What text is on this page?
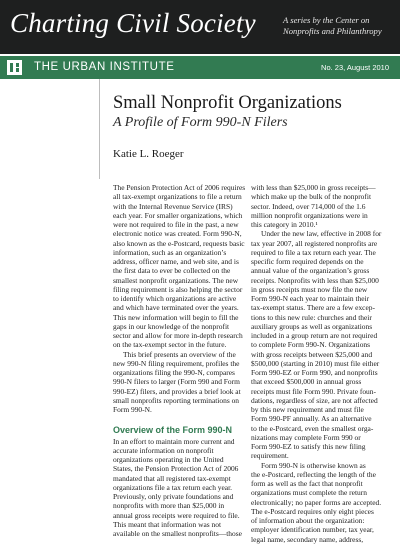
Charting Civil Society	A series by the Center on
Nonprofits and Philanthropy
THE URBAN INSTITUTE	No. 23, August 2010
Small Nonprofit Organizations
A Profile of Form 990-N Filers
Katie L. Roeger
The Pension Protection Act of 2006 requires
all tax-exempt organizations to file a return
with the Internal Revenue Service (IRS)
each year. For smaller organizations, which
were not required to file in the past, a new
electronic notice was created. Form 990-N,
also known as the e-Postcard, requests basic
information, such as an organization’s
address, officer name, and web site, and is
the first data to ever be collected on the
smallest nonprofit organizations. The new
filing requirement is also helping the sector
to identify which organizations are active
and which have terminated over the years.
This new information will begin to fill the
gaps in our knowledge of the nonprofit
sector and allow for more in-depth research
on the tax-exempt sector in the future.
This brief presents an overview of the
new 990-N filing requirement, profiles the
organizations filing the 990-N, compares
990-N filers to larger (Form 990 and Form
990-EZ) filers, and provides a brief look at
small nonprofits reporting terminations on
Form 990-N.
Overview of the Form 990-N
In an effort to maintain more current and
accurate information on nonprofit
organizations operating in the United
States, the Pension Protection Act of 2006
mandated that all registered tax-exempt
organizations file a tax return each year.
Previously, only private foundations and
nonprofits with more than $25,000 in
annual gross receipts were required to file.
This meant that information was not
available on the smallest nonprofits—those
with less than $25,000 in gross receipts—
which make up the bulk of the nonprofit
sector. Indeed, over 714,000 of the 1.6
million nonprofit organizations were in
this category in 2010.¹
Under the new law, effective in 2008 for
tax year 2007, all registered nonprofits are
required to file a tax return each year. The
specific form required depends on the
annual value of the organization’s gross
receipts. Nonprofits with less than $25,000
in gross receipts must now file the new
Form 990-N each year to maintain their
tax-exempt status. There are a few excep-
tions to this new rule: churches and their
auxiliary groups as well as organizations
included in a group return are not required
to complete Form 990-N. Organizations
with gross receipts between $25,000 and
$500,000 (starting in 2010) must file either
Form 990-EZ or Form 990, and nonprofits
that exceed $500,000 in annual gross
receipts must file Form 990. Private foun-
dations, regardless of size, are not affected
by this new requirement and must file
Form 990-PF annually. As an alternative
to the e-Postcard, even the smallest orga-
nizations may complete Form 990 or
Form 990-EZ to satisfy this new filing
requirement.
Form 990-N is otherwise known as
the e-Postcard, reflecting the length of the
form as well as the fact that nonprofit
organizations must complete the return
electronically; no paper forms are accepted.
The e-Postcard requires only eight pieces
of information about the organization:
employer identification number, tax year,
legal name, secondary name, address,
